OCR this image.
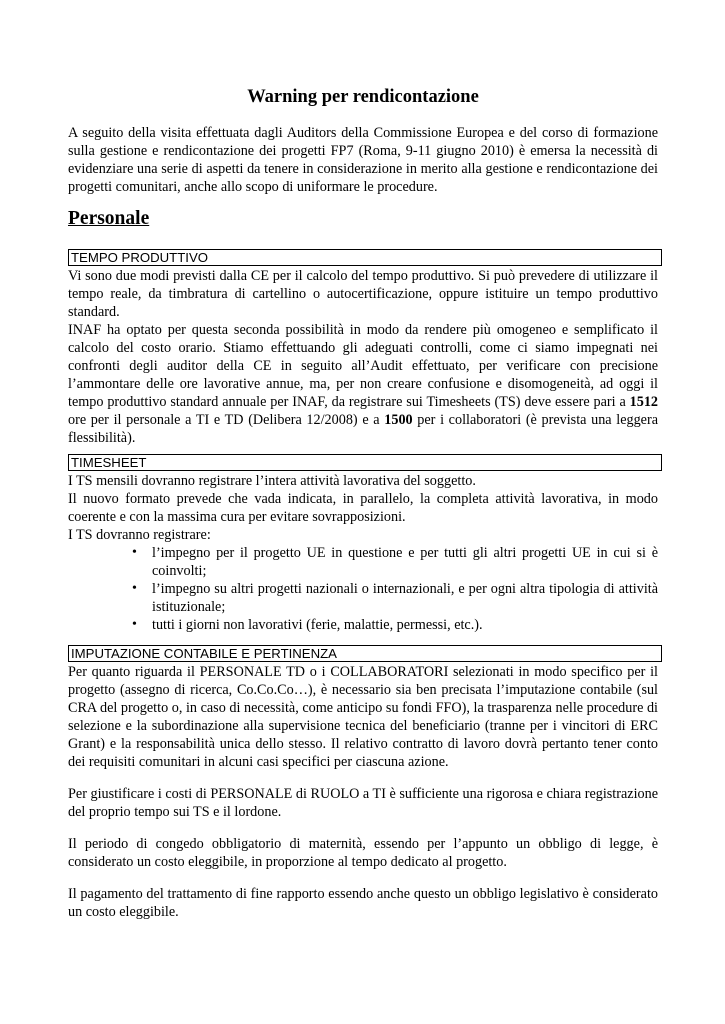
Warning per rendicontazione

A seguito della visita effettuata dagli Auditors della Commissione Europea e del corso di formazione sulla gestione e rendicontazione dei progetti FP7 (Roma, 9-11 giugno 2010) è emersa la necessità di evidenziare una serie di aspetti da tenere in considerazione in merito alla gestione e rendicontazione dei progetti comunitari, anche allo scopo di uniformare le procedure.

Personale
TEMPO PRODUTTIVO

Vi sono due modi previsti dalla CE per il calcolo del tempo produttivo. Si può prevedere di utilizzare il tempo reale, da timbratura di cartellino o autocertificazione, oppure istituire un tempo produttivo standard.

INAF ha optato per questa seconda possibilità in modo da rendere più omogeneo e semplificato il calcolo del costo orario. Stiamo effettuando gli adeguati controlli, come ci siamo impegnati nei confronti degli auditor della CE in seguito all’Audit effettuato, per verificare con precisione l’ammontare delle ore lavorative annue, ma, per non creare confusione e disomogeneità, ad oggi il tempo produttivo standard annuale per INAF, da registrare sui Timesheets (TS) deve essere pari a 1512 ore per il personale a TI e TD (Delibera 12/2008) e a 1500 per i collaboratori (è prevista una leggera flessibilità).

TIMESHEET

I TS mensili dovranno registrare l’intera attività lavorativa del soggetto.

Il nuovo formato prevede che vada indicata, in parallelo, la completa attività lavorativa, in modo coerente e con la massima cura per evitare sovrapposizioni.

I TS dovranno registrare:

• l’impegno per il progetto UE in questione e per tutti gli altri progetti UE in cui si è coinvolti;
• l’impegno su altri progetti nazionali o internazionali, e per ogni altra tipologia di attività istituzionale;
• tutti i giorni non lavorativi (ferie, malattie, permessi, etc.).
IMPUTAZIONE CONTABILE E PERTINENZA

Per quanto riguarda il PERSONALE TD o i COLLABORATORI selezionati in modo specifico per il progetto (assegno di ricerca, Co.Co.Co…), è necessario sia ben precisata l’imputazione contabile (sul CRA del progetto o, in caso di necessità, come anticipo su fondi FFO), la trasparenza nelle procedure di selezione e la subordinazione alla supervisione tecnica del beneficiario (tranne per i vincitori di ERC Grant) e la responsabilità unica dello stesso. Il relativo contratto di lavoro dovrà pertanto tener conto dei requisiti comunitari in alcuni casi specifici per ciascuna azione.

Per giustificare i costi di PERSONALE di RUOLO a TI è sufficiente una rigorosa e chiara registrazione del proprio tempo sui TS e il lordone.

Il periodo di congedo obbligatorio di maternità, essendo per l’appunto un obbligo di legge, è considerato un costo eleggibile, in proporzione al tempo dedicato al progetto.

Il pagamento del trattamento di fine rapporto essendo anche questo un obbligo legislativo è considerato un costo eleggibile.
